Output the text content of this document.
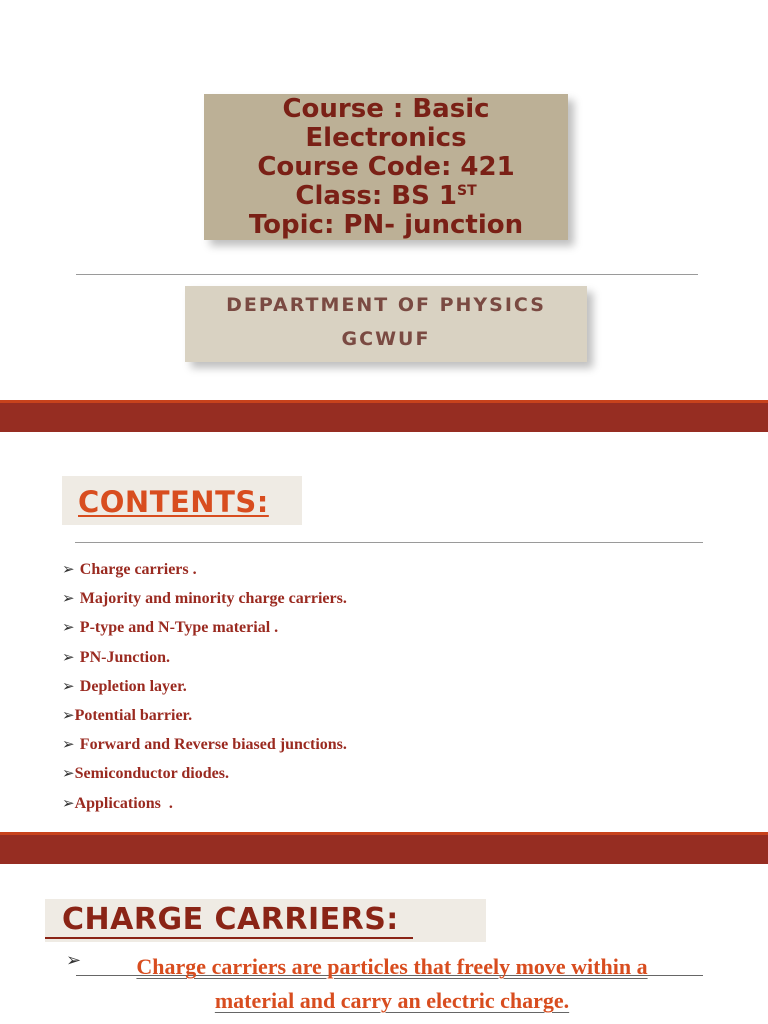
Course : Basic
Electronics
Course Code: 421
Class: BS 1ST
Topic: PN- junction
DEPARTMENT OF PHYSICS
GCWUF
CONTENTS:
➢ Charge carriers .
➢ Majority and minority charge carriers.
➢ P-type and N-Type material .
➢ PN-Junction.
➢ Depletion layer.
➢ Potential barrier.
➢ Forward and Reverse biased junctions.
➢ Semiconductor diodes.
➢ Applications  .
CHARGE CARRIERS:
➢	Charge carriers are particles that freely move within a
material and carry an electric charge.
